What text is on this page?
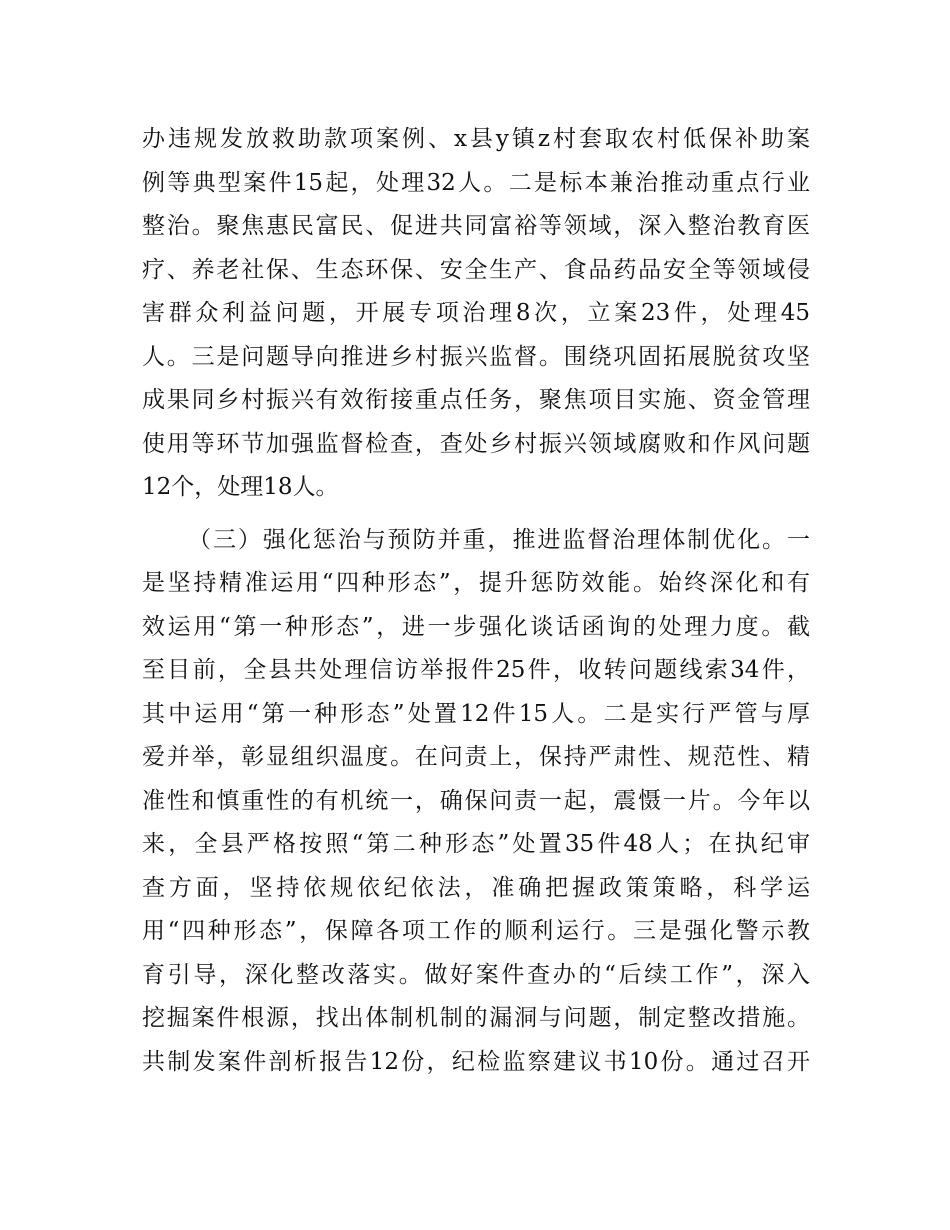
办违规发放救助款项案例、x县y镇z村套取农村低保补助案
例等典型案件15起，处理32人。二是标本兼治推动重点行业
整治。聚焦惠民富民、促进共同富裕等领域，深入整治教育医
疗、养老社保、生态环保、安全生产、食品药品安全等领域侵
害群众利益问题，开展专项治理8次，立案23件，处理45
人。三是问题导向推进乡村振兴监督。围绕巩固拓展脱贫攻坚
成果同乡村振兴有效衔接重点任务，聚焦项目实施、资金管理
使用等环节加强监督检查，查处乡村振兴领域腐败和作风问题
12个，处理18人。
（三）强化惩治与预防并重，推进监督治理体制优化。一
是坚持精准运用“四种形态”，提升惩防效能。始终深化和有
效运用“第一种形态”，进一步强化谈话函询的处理力度。截
至目前，全县共处理信访举报件25件，收转问题线索34件，
其中运用“第一种形态”处置12件15人。二是实行严管与厚
爱并举，彰显组织温度。在问责上，保持严肃性、规范性、精
准性和慎重性的有机统一，确保问责一起，震慑一片。今年以
来，全县严格按照“第二种形态”处置35件48人；在执纪审
查方面，坚持依规依纪依法，准确把握政策策略，科学运
用“四种形态”，保障各项工作的顺利运行。三是强化警示教
育引导，深化整改落实。做好案件查办的“后续工作”，深入
挖掘案件根源，找出体制机制的漏洞与问题，制定整改措施。
共制发案件剖析报告12份，纪检监察建议书10份。通过召开
